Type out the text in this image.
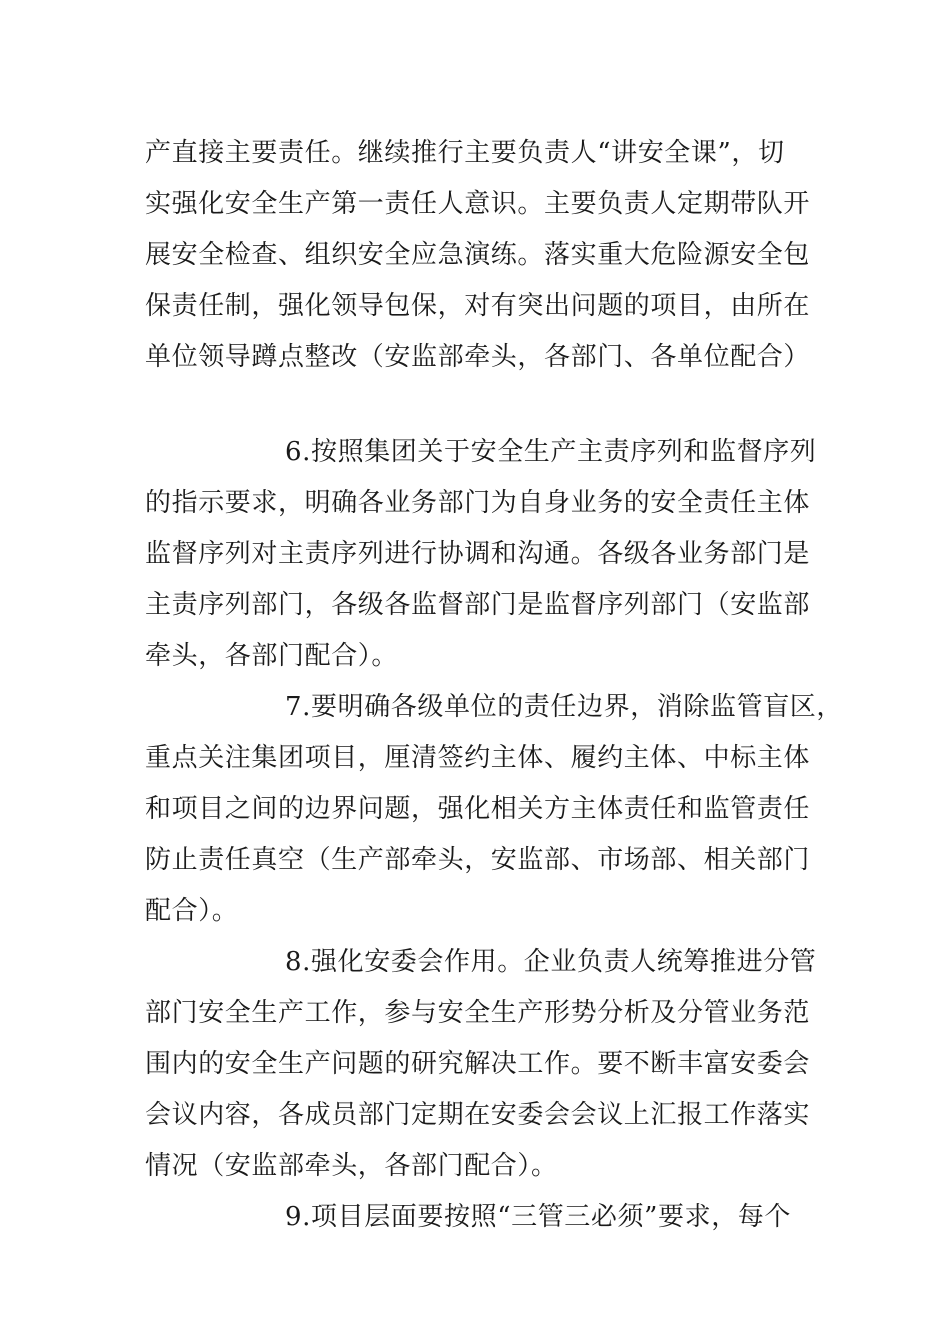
产直接主要责任。继续推行主要负责人“讲安全课”，切
实强化安全生产第一责任人意识。主要负责人定期带队开
展安全检查、组织安全应急演练。落实重大危险源安全包
保责任制，强化领导包保，对有突出问题的项目，由所在
单位领导蹲点整改（安监部牵头，各部门、各单位配合）
6.按照集团关于安全生产主责序列和监督序列
的指示要求，明确各业务部门为自身业务的安全责任主体
监督序列对主责序列进行协调和沟通。各级各业务部门是
主责序列部门，各级各监督部门是监督序列部门（安监部
牵头，各部门配合）。
7.要明确各级单位的责任边界，消除监管盲区，
重点关注集团项目，厘清签约主体、履约主体、中标主体
和项目之间的边界问题，强化相关方主体责任和监管责任
防止责任真空（生产部牵头，安监部、市场部、相关部门
配合）。
8.强化安委会作用。企业负责人统筹推进分管
部门安全生产工作，参与安全生产形势分析及分管业务范
围内的安全生产问题的研究解决工作。要不断丰富安委会
会议内容，各成员部门定期在安委会会议上汇报工作落实
情况（安监部牵头，各部门配合）。
9.项目层面要按照“三管三必须”要求，每个
